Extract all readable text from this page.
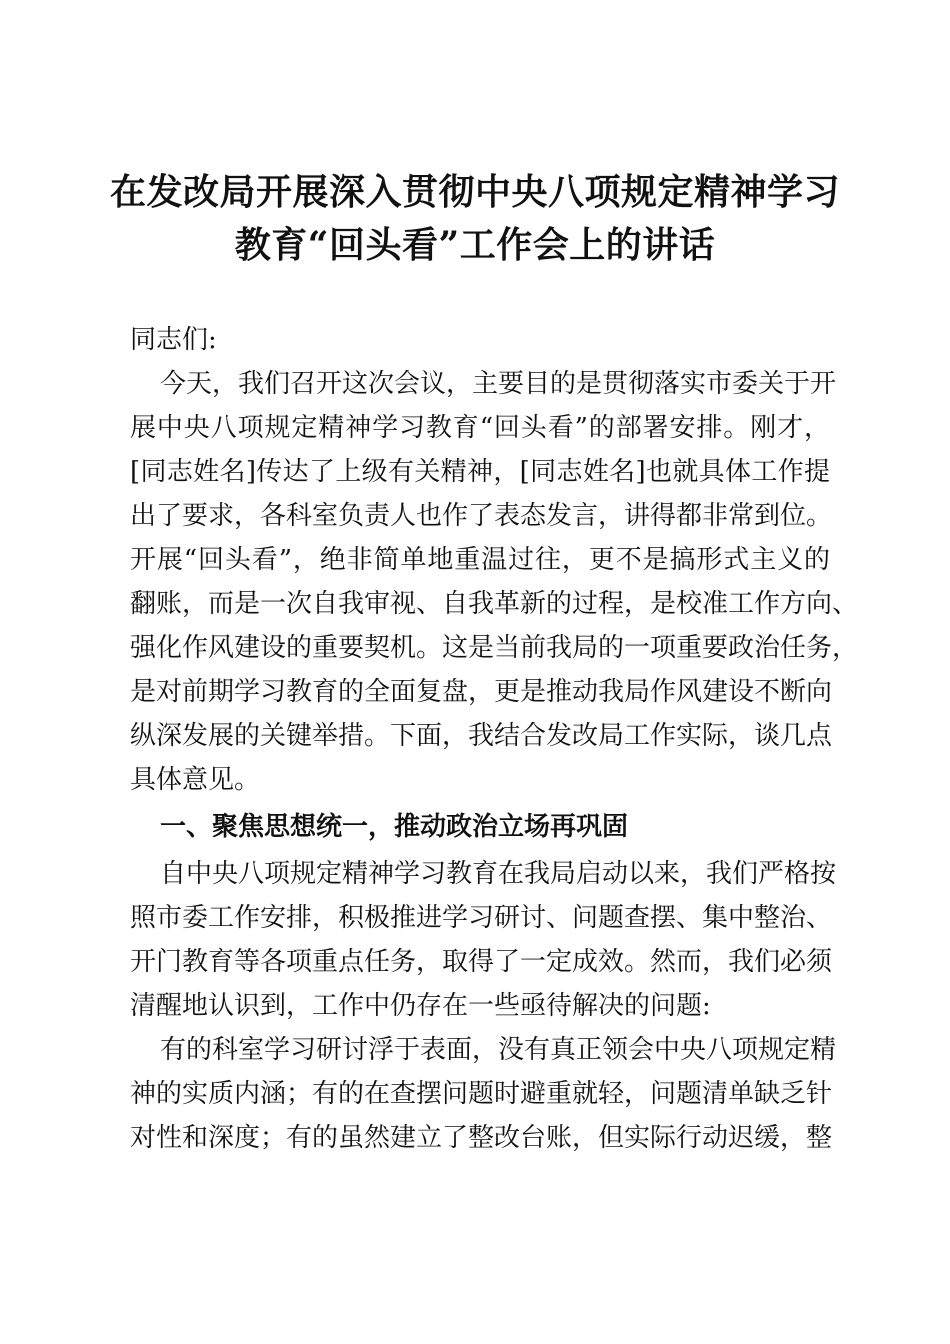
在发改局开展深入贯彻中央八项规定精神学习
教育“回头看”工作会上的讲话
同志们:
今天，我们召开这次会议，主要目的是贯彻落实市委关于开
展中央八项规定精神学习教育“回头看”的部署安排。刚才，
[同志姓名]传达了上级有关精神，[同志姓名]也就具体工作提
出了要求，各科室负责人也作了表态发言，讲得都非常到位。
开展“回头看”，绝非简单地重温过往，更不是搞形式主义的
翻账，而是一次自我审视、自我革新的过程，是校准工作方向、
强化作风建设的重要契机。这是当前我局的一项重要政治任务，
是对前期学习教育的全面复盘，更是推动我局作风建设不断向
纵深发展的关键举措。下面，我结合发改局工作实际，谈几点
具体意见。
一、聚焦思想统一，推动政治立场再巩固
自中央八项规定精神学习教育在我局启动以来，我们严格按
照市委工作安排，积极推进学习研讨、问题查摆、集中整治、
开门教育等各项重点任务，取得了一定成效。然而，我们必须
清醒地认识到，工作中仍存在一些亟待解决的问题:
有的科室学习研讨浮于表面，没有真正领会中央八项规定精
神的实质内涵；有的在查摆问题时避重就轻，问题清单缺乏针
对性和深度；有的虽然建立了整改台账，但实际行动迟缓，整
